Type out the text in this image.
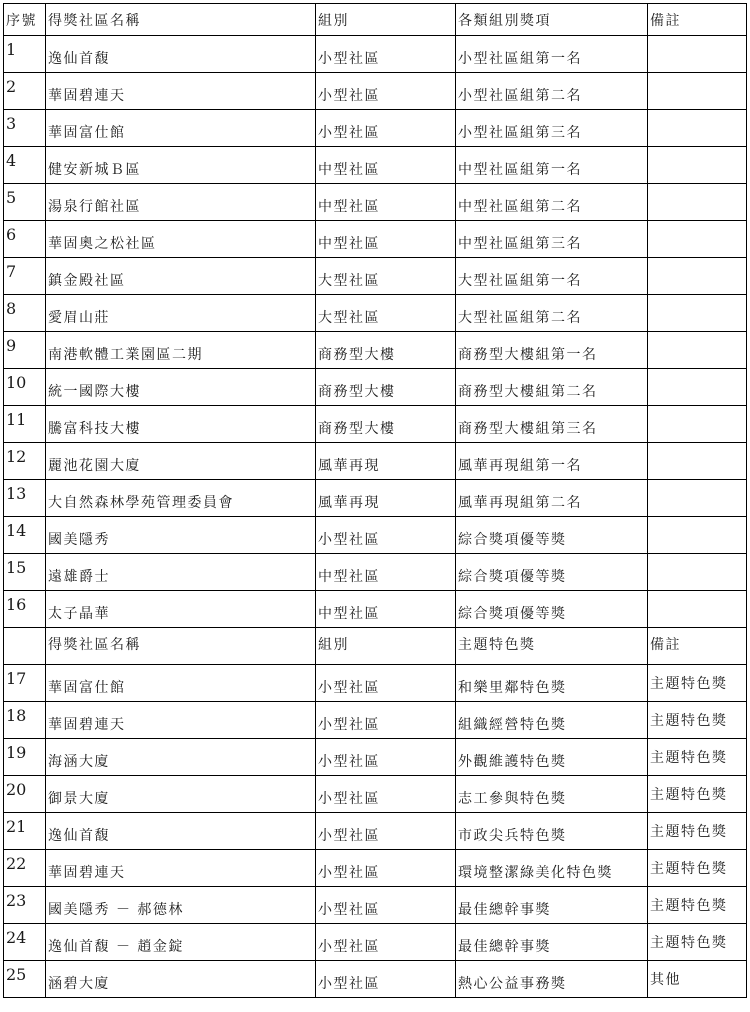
序號	得獎社區名稱	組別	各類組別獎項	備註

1	逸仙首馥	小型社區	小型社區組第一名	

2	華固碧連天	小型社區	小型社區組第二名	

3	華固富仕館	小型社區	小型社區組第三名	

4	健安新城Ｂ區	中型社區	中型社區組第一名	

5	湯泉行館社區	中型社區	中型社區組第二名	

6	華固奧之松社區	中型社區	中型社區組第三名	

7	鎮金殿社區	大型社區	大型社區組第一名	

8	愛眉山莊	大型社區	大型社區組第二名	

9	南港軟體工業園區二期	商務型大樓	商務型大樓組第一名	

10	統一國際大樓	商務型大樓	商務型大樓組第二名	

11	騰富科技大樓	商務型大樓	商務型大樓組第三名	

12	麗池花園大廈	風華再現	風華再現組第一名	

13	大自然森林學苑管理委員會	風華再現	風華再現組第二名	

14	國美隱秀	小型社區	綜合獎項優等獎	

15	遠雄爵士	中型社區	綜合獎項優等獎	

16	太子晶華	中型社區	綜合獎項優等獎	

	得獎社區名稱	組別	主題特色獎	備註

17	華固富仕館	小型社區	和樂里鄰特色獎	主題特色獎

18	華固碧連天	小型社區	組織經營特色獎	主題特色獎

19	海涵大廈	小型社區	外觀維護特色獎	主題特色獎

20	御景大廈	小型社區	志工參與特色獎	主題特色獎

21	逸仙首馥	小型社區	市政尖兵特色獎	主題特色獎

22	華固碧連天	小型社區	環境整潔綠美化特色獎	主題特色獎

23	國美隱秀 － 郝德林	小型社區	最佳總幹事獎	主題特色獎

24	逸仙首馥 － 趙金錠	小型社區	最佳總幹事獎	主題特色獎

25	涵碧大廈	小型社區	熱心公益事務獎	其他
